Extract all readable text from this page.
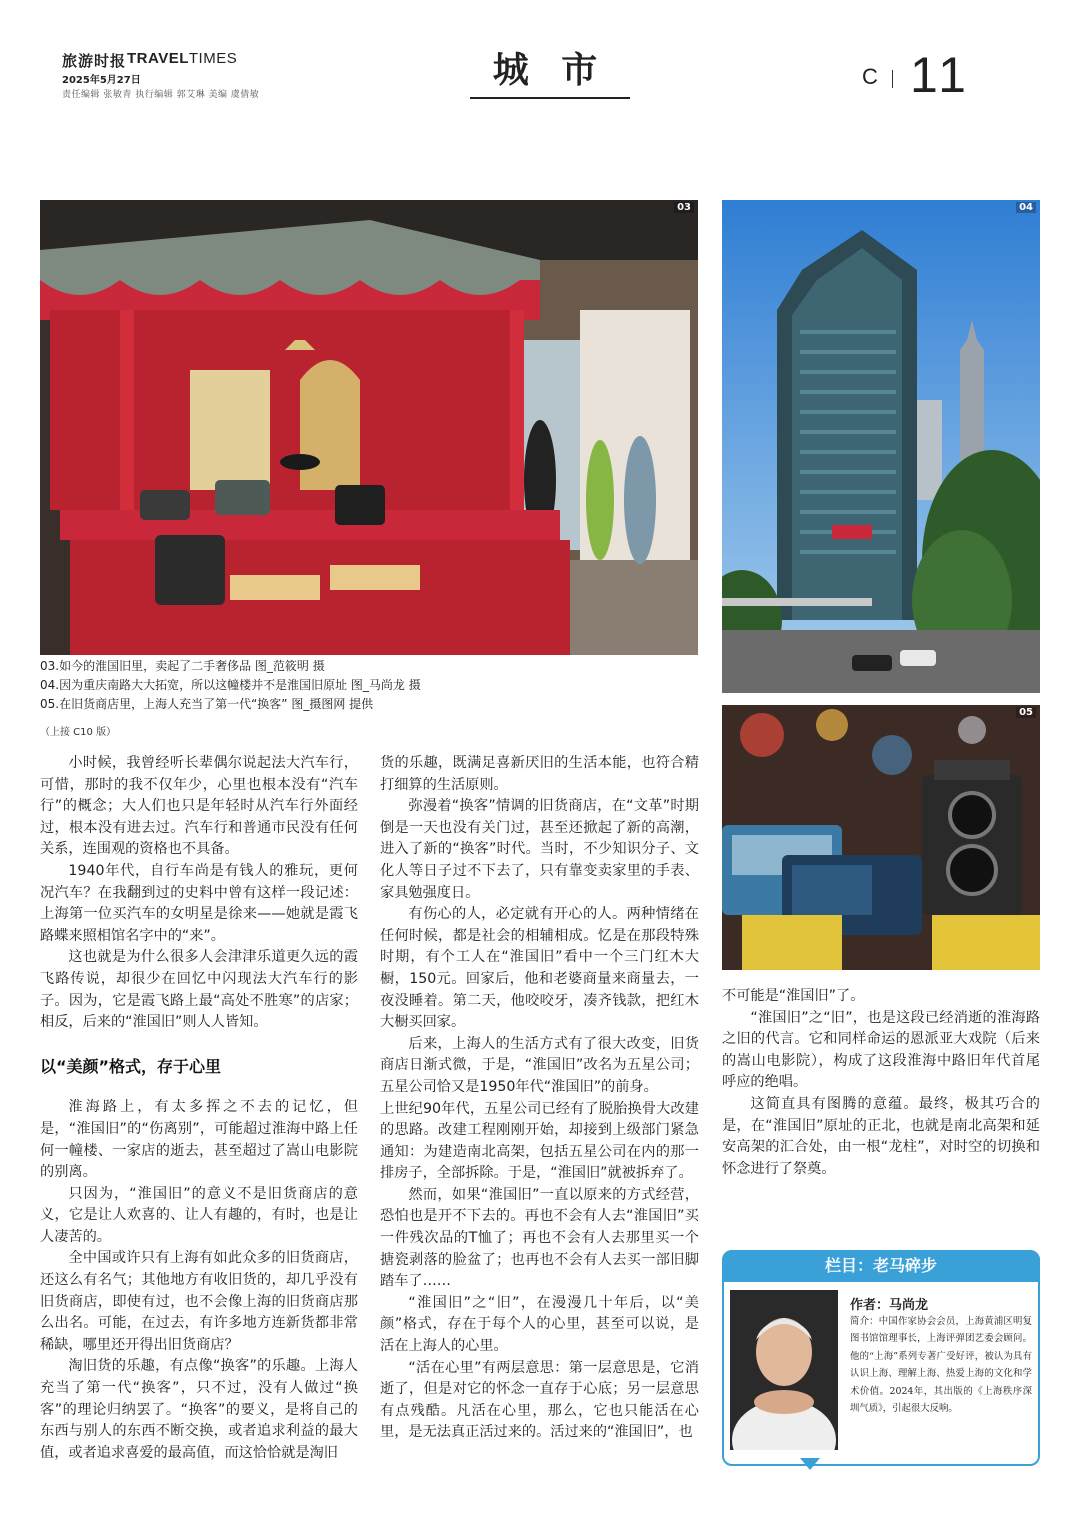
旅游时报 TRAVELTIMES
2025年5月27日
责任编辑 张敏青 执行编辑 郭艾琳 美编 虞倩敏
城 市	C 11
03	04
05
03.如今的淮国旧里，卖起了二手奢侈品 图_范筱明 摄
04.因为重庆南路大大拓宽，所以这幢楼并不是淮国旧原址 图_马尚龙 摄
05.在旧货商店里，上海人充当了第一代“换客” 图_摄图网 提供
（上接 C10 版）

小时候，我曾经听长辈偶尔说起法大汽车行，可惜，那时的我不仅年少，心里也根本没有“汽车行”的概念；大人们也只是年轻时从汽车行外面经过，根本没有进去过。汽车行和普通市民没有任何关系，连围观的资格也不具备。

1940年代，自行车尚是有钱人的雅玩，更何况汽车？在我翻到过的史料中曾有这样一段记述：上海第一位买汽车的女明星是徐来——她就是霞飞路蝶来照相馆名字中的“来”。

这也就是为什么很多人会津津乐道更久远的霞飞路传说，却很少在回忆中闪现法大汽车行的影子。因为，它是霞飞路上最“高处不胜寒”的店家；相反，后来的“淮国旧”则人人皆知。

以“美颜”格式，存于心里

淮海路上，有太多挥之不去的记忆，但是，“淮国旧”的“伤离别”，可能超过淮海中路上任何一幢楼、一家店的逝去，甚至超过了嵩山电影院的别离。

只因为，“淮国旧”的意义不是旧货商店的意义，它是让人欢喜的、让人有趣的，有时，也是让人凄苦的。

全中国或许只有上海有如此众多的旧货商店，还这么有名气；其他地方有收旧货的，却几乎没有旧货商店，即使有过，也不会像上海的旧货商店那么出名。可能，在过去，有许多地方连新货都非常稀缺，哪里还开得出旧货商店？

淘旧货的乐趣，有点像“换客”的乐趣。上海人充当了第一代“换客”，只不过，没有人做过“换客”的理论归纳罢了。“换客”的要义，是将自己的东西与别人的东西不断交换，或者追求利益的最大值，或者追求喜爱的最高值，而这恰恰就是淘旧

货的乐趣，既满足喜新厌旧的生活本能，也符合精打细算的生活原则。

弥漫着“换客”情调的旧货商店，在“文革”时期倒是一天也没有关门过，甚至还掀起了新的高潮，进入了新的“换客”时代。当时，不少知识分子、文化人等日子过不下去了，只有靠变卖家里的手表、家具勉强度日。

有伤心的人，必定就有开心的人。两种情绪在任何时候，都是社会的相辅相成。忆是在那段特殊时期，有个工人在“淮国旧”看中一个三门红木大橱，150元。回家后，他和老婆商量来商量去，一夜没睡着。第二天，他咬咬牙，凑齐钱款，把红木大橱买回家。

后来，上海人的生活方式有了很大改变，旧货商店日渐式微，于是，“淮国旧”改名为五星公司；五星公司恰又是1950年代“淮国旧”的前身。

上世纪90年代，五星公司已经有了脱胎换骨大改建的思路。改建工程刚刚开始，却接到上级部门紧急通知：为建造南北高架，包括五星公司在内的那一排房子，全部拆除。于是，“淮国旧”就被拆弃了。

然而，如果“淮国旧”一直以原来的方式经营，恐怕也是开不下去的。再也不会有人去“淮国旧”买一件残次品的T恤了；再也不会有人去那里买一个搪瓷剥落的脸盆了；也再也不会有人去买一部旧脚踏车了……

“淮国旧”之“旧”，在漫漫几十年后，以“美颜”格式，存在于每个人的心里，甚至可以说，是活在上海人的心里。

“活在心里”有两层意思：第一层意思是，它消逝了，但是对它的怀念一直存于心底；另一层意思有点残酷。凡活在心里，那么，它也只能活在心里，是无法真正活过来的。活过来的“淮国旧”，也

不可能是“淮国旧”了。

“淮国旧”之“旧”，也是这段已经消逝的淮海路之旧的代言。它和同样命运的恩派亚大戏院（后来的嵩山电影院），构成了这段淮海中路旧年代首尾呼应的绝唱。

这简直具有图腾的意蕴。最终，极其巧合的是，在“淮国旧”原址的正北，也就是南北高架和延安高架的汇合处，由一根“龙柱”，对时空的切换和怀念进行了祭奠。

栏目：老马碎步
作者：马尚龙
简介：中国作家协会会员，上海黄浦区明复图书馆馆理事长，上海评弹团艺委会顾问。他的“上海”系列专著广受好评，被认为具有认识上海、理解上海、热爱上海的文化和学术价值。2024年，其出版的《上海秩序深圳气质》，引起很大反响。
